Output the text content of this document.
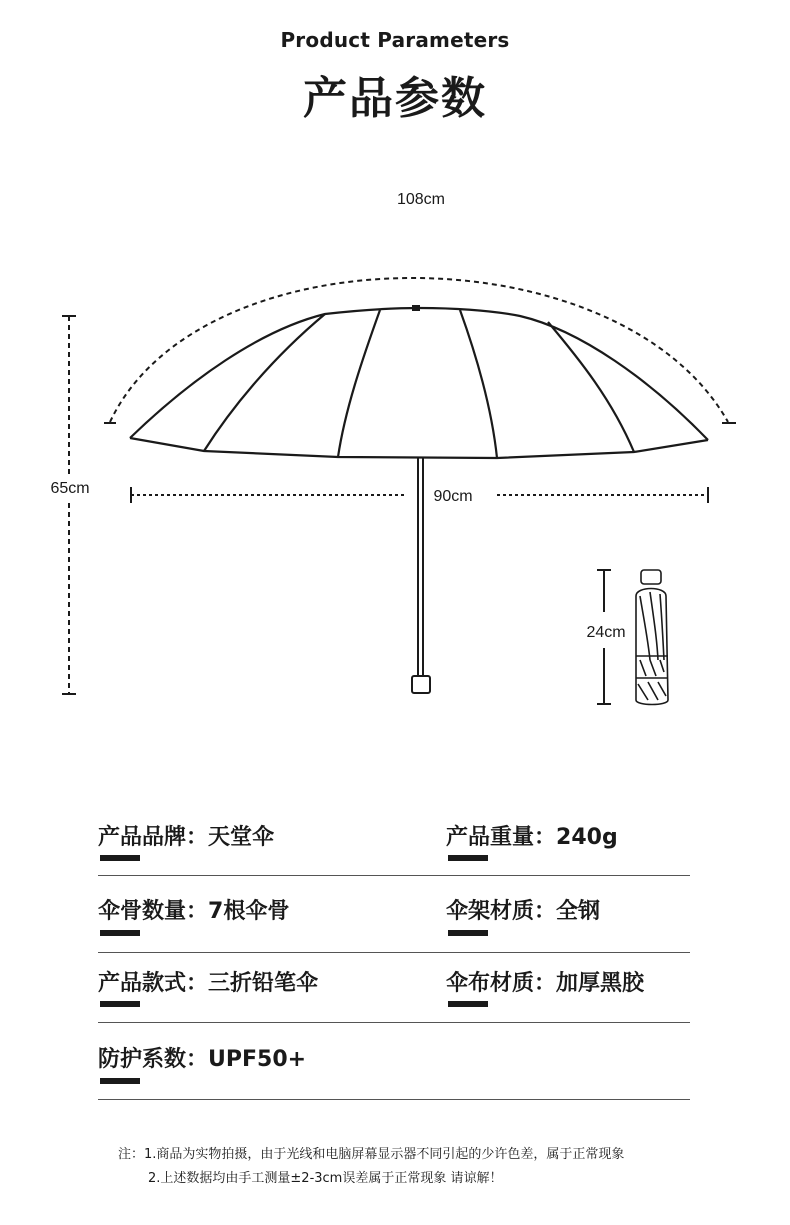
Product Parameters
产品参数
108cm
65cm	90cm
24cm
产品品牌：天堂伞	产品重量：240g
伞骨数量：7根伞骨	伞架材质：全钢
产品款式：三折铅笔伞	伞布材质：加厚黑胶
防护系数：UPF50+
注：1.商品为实物拍摄，由于光线和电脑屏幕显示器不同引起的少许色差，属于正常现象
2.上述数据均由手工测量±2-3cm误差属于正常现象 请谅解！
